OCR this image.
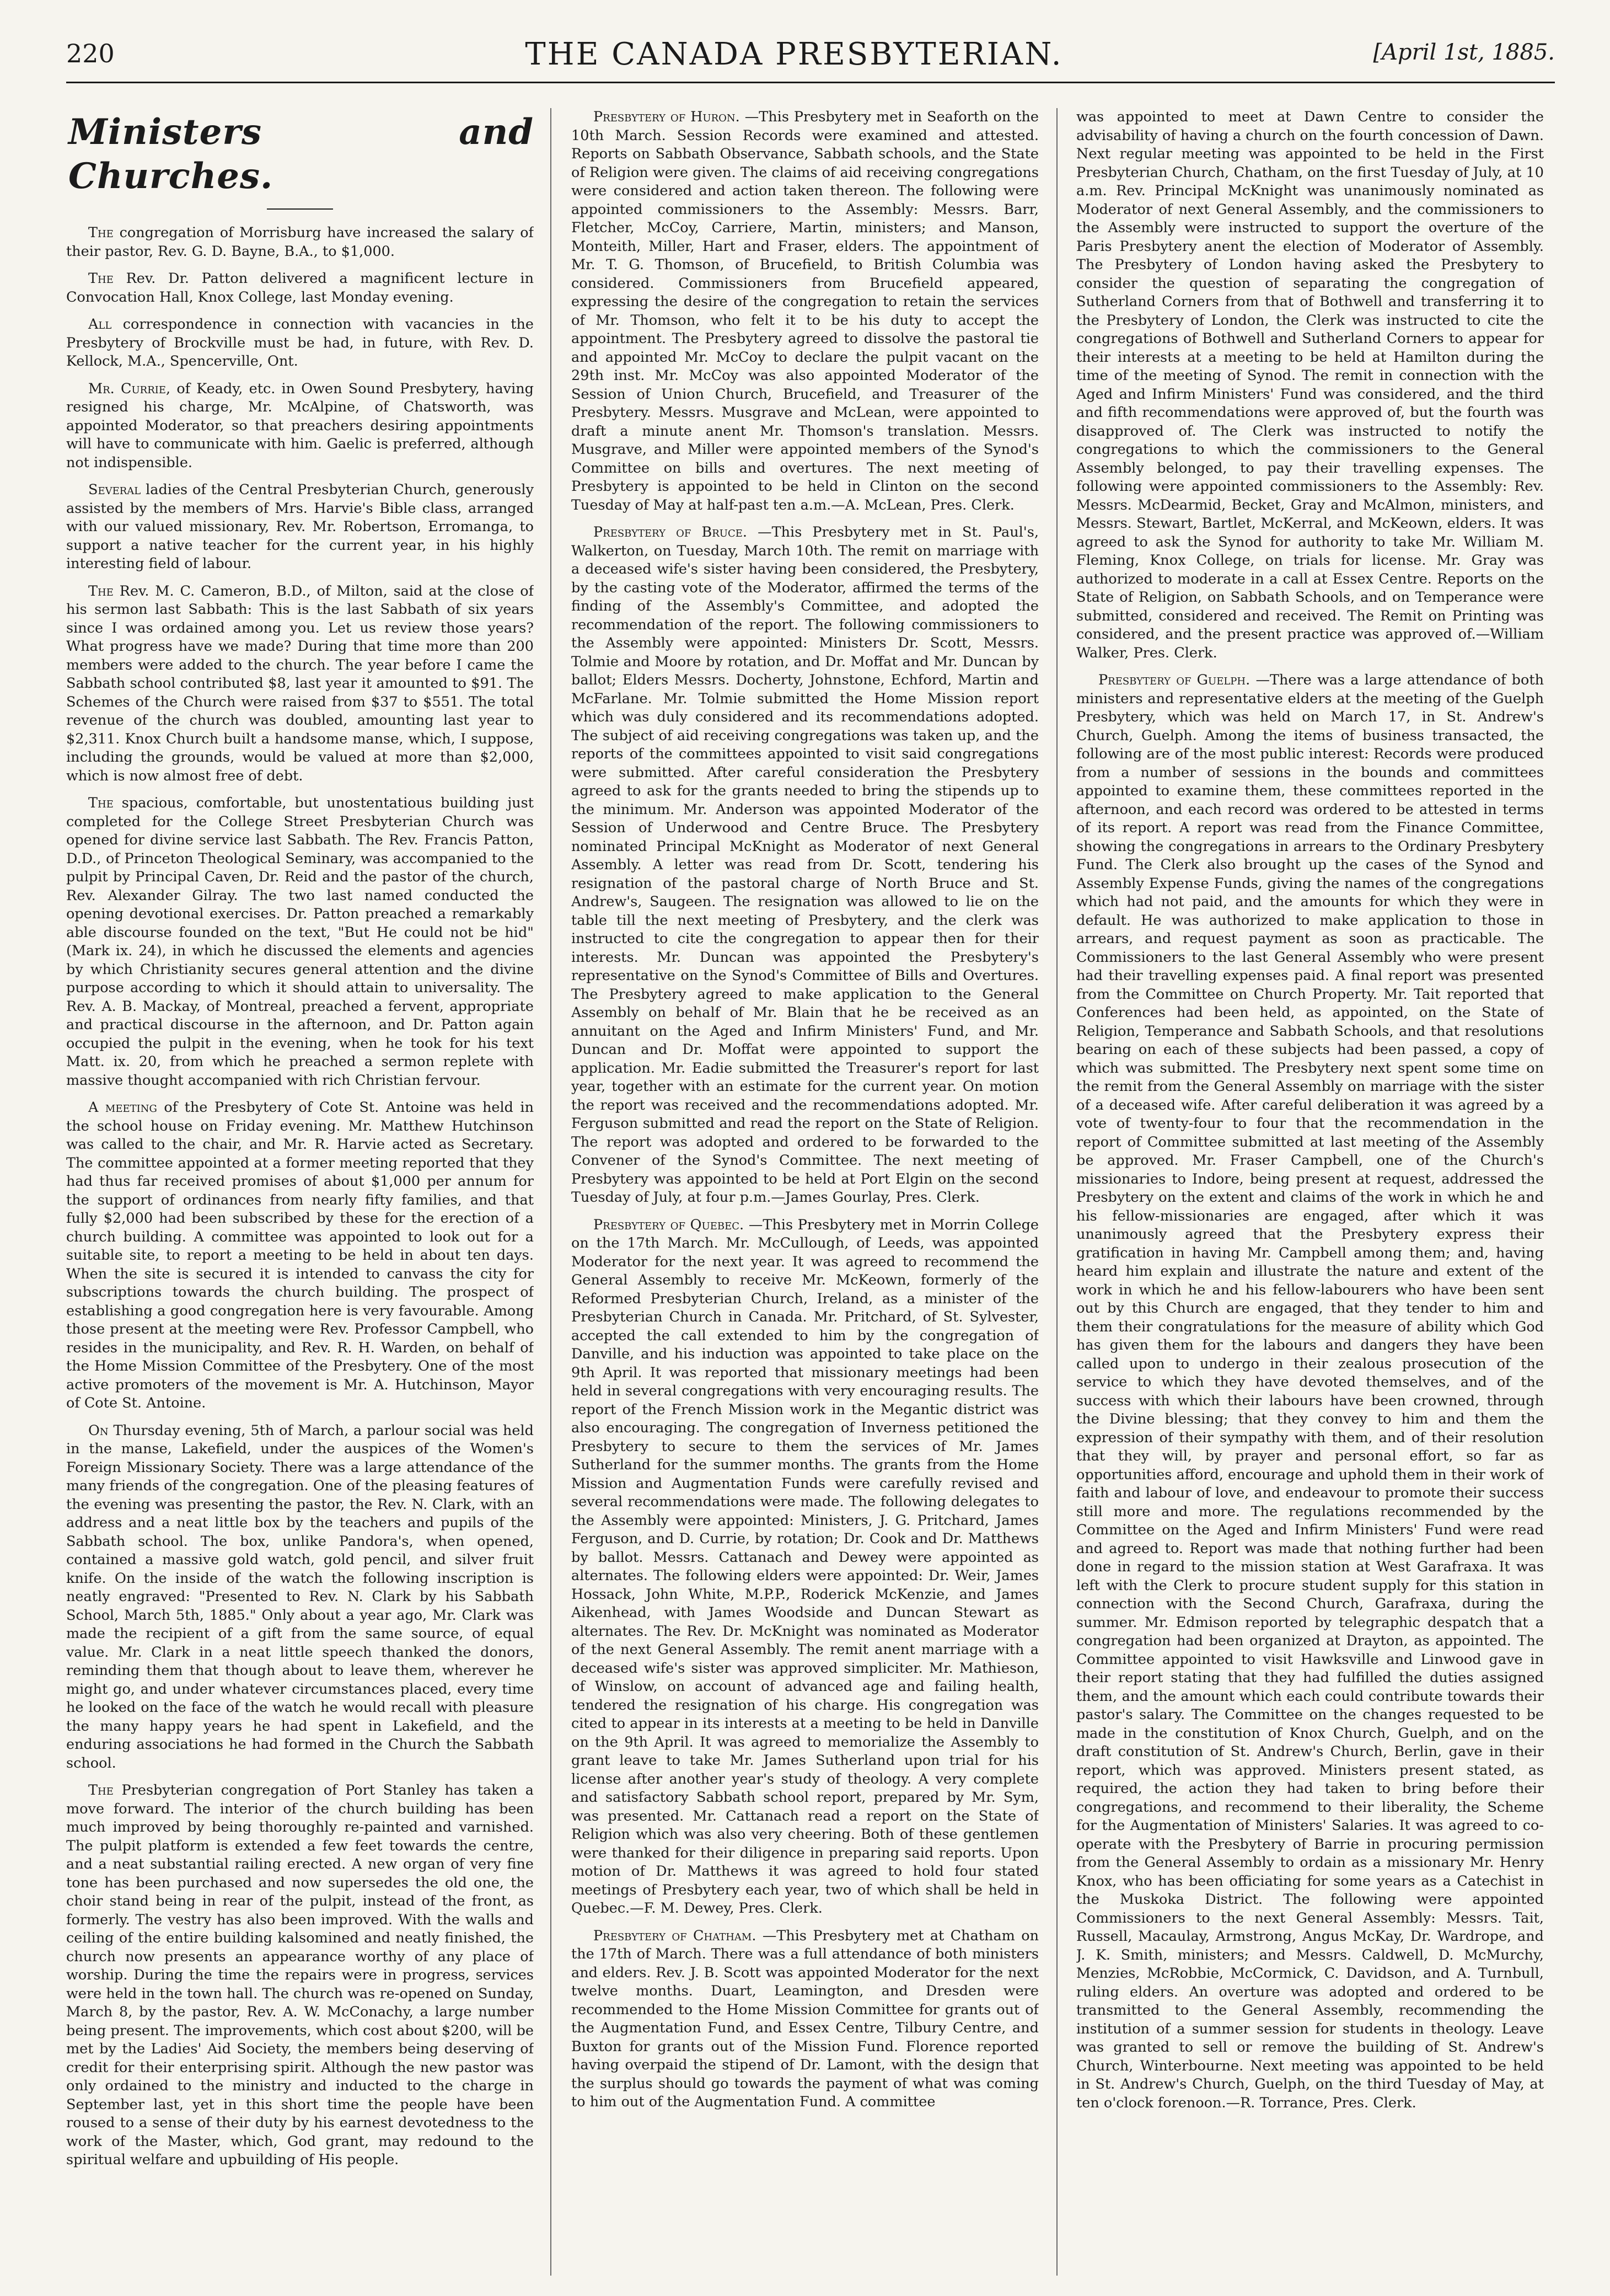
220	THE CANADA PRESBYTERIAN.	[April 1st, 1885.
Ministers and Churches.

The congregation of Morrisburg have increased the salary of their pastor, Rev. G. D. Bayne, B.A., to $1,000.

The Rev. Dr. Patton delivered a magnificent lecture in Convocation Hall, Knox College, last Monday evening.

All correspondence in connection with vacancies in the Presbytery of Brockville must be had, in future, with Rev. D. Kellock, M.A., Spencerville, Ont.

Mr. Currie, of Keady, etc. in Owen Sound Presbytery, having resigned his charge, Mr. McAlpine, of Chatsworth, was appointed Moderator, so that preachers desiring appointments will have to communicate with him. Gaelic is preferred, although not indispensible.

Several ladies of the Central Presbyterian Church, generously assisted by the members of Mrs. Harvie's Bible class, arranged with our valued missionary, Rev. Mr. Robertson, Erromanga, to support a native teacher for the current year, in his highly interesting field of labour.

The Rev. M. C. Cameron, B.D., of Milton, said at the close of his sermon last Sabbath: This is the last Sabbath of six years since I was ordained among you. Let us review those years? What progress have we made? During that time more than 200 members were added to the church. The year before I came the Sabbath school contributed $8, last year it amounted to $91. The Schemes of the Church were raised from $37 to $551. The total revenue of the church was doubled, amounting last year to $2,311. Knox Church built a handsome manse, which, I suppose, including the grounds, would be valued at more than $2,000, which is now almost free of debt.

The spacious, comfortable, but unostentatious building just completed for the College Street Presbyterian Church was opened for divine service last Sabbath. The Rev. Francis Patton, D.D., of Princeton Theological Seminary, was accompanied to the pulpit by Principal Caven, Dr. Reid and the pastor of the church, Rev. Alexander Gilray. The two last named conducted the opening devotional exercises. Dr. Patton preached a remarkably able discourse founded on the text, "But He could not be hid" (Mark ix. 24), in which he discussed the elements and agencies by which Christianity secures general attention and the divine purpose according to which it should attain to universality. The Rev. A. B. Mackay, of Montreal, preached a fervent, appropriate and practical discourse in the afternoon, and Dr. Patton again occupied the pulpit in the evening, when he took for his text Matt. ix. 20, from which he preached a sermon replete with massive thought accompanied with rich Christian fervour.

A meeting of the Presbytery of Cote St. Antoine was held in the school house on Friday evening. Mr. Matthew Hutchinson was called to the chair, and Mr. R. Harvie acted as Secretary. The committee appointed at a former meeting reported that they had thus far received promises of about $1,000 per annum for the support of ordinances from nearly fifty families, and that fully $2,000 had been subscribed by these for the erection of a church building. A committee was appointed to look out for a suitable site, to report a meeting to be held in about ten days. When the site is secured it is intended to canvass the city for subscriptions towards the church building. The prospect of establishing a good congregation here is very favourable. Among those present at the meeting were Rev. Professor Campbell, who resides in the municipality, and Rev. R. H. Warden, on behalf of the Home Mission Committee of the Presbytery. One of the most active promoters of the movement is Mr. A. Hutchinson, Mayor of Cote St. Antoine.

On Thursday evening, 5th of March, a parlour social was held in the manse, Lakefield, under the auspices of the Women's Foreign Missionary Society. There was a large attendance of the many friends of the congregation. One of the pleasing features of the evening was presenting the pastor, the Rev. N. Clark, with an address and a neat little box by the teachers and pupils of the Sabbath school. The box, unlike Pandora's, when opened, contained a massive gold watch, gold pencil, and silver fruit knife. On the inside of the watch the following inscription is neatly engraved: "Presented to Rev. N. Clark by his Sabbath School, March 5th, 1885." Only about a year ago, Mr. Clark was made the recipient of a gift from the same source, of equal value. Mr. Clark in a neat little speech thanked the donors, reminding them that though about to leave them, wherever he might go, and under whatever circumstances placed, every time he looked on the face of the watch he would recall with pleasure the many happy years he had spent in Lakefield, and the enduring associations he had formed in the Church the Sabbath school.

The Presbyterian congregation of Port Stanley has taken a move forward. The interior of the church building has been much improved by being thoroughly re-painted and varnished. The pulpit platform is extended a few feet towards the centre, and a neat substantial railing erected. A new organ of very fine tone has been purchased and now supersedes the old one, the choir stand being in rear of the pulpit, instead of the front, as formerly. The vestry has also been improved. With the walls and ceiling of the entire building kalsomined and neatly finished, the church now presents an appearance worthy of any place of worship. During the time the repairs were in progress, services were held in the town hall. The church was re-opened on Sunday, March 8, by the pastor, Rev. A. W. McConachy, a large number being present. The improvements, which cost about $200, will be met by the Ladies' Aid Society, the members being deserving of credit for their enterprising spirit. Although the new pastor was only ordained to the ministry and inducted to the charge in September last, yet in this short time the people have been roused to a sense of their duty by his earnest devotedness to the work of the Master, which, God grant, may redound to the spiritual welfare and upbuilding of His people.

Presbytery of Huron. —This Presbytery met in Seaforth on the 10th March. Session Records were examined and attested. Reports on Sabbath Observance, Sabbath schools, and the State of Religion were given. The claims of aid receiving congregations were considered and action taken thereon. The following were appointed commissioners to the Assembly: Messrs. Barr, Fletcher, McCoy, Carriere, Martin, ministers; and Manson, Monteith, Miller, Hart and Fraser, elders. The appointment of Mr. T. G. Thomson, of Brucefield, to British Columbia was considered. Commissioners from Brucefield appeared, expressing the desire of the congregation to retain the services of Mr. Thomson, who felt it to be his duty to accept the appointment. The Presbytery agreed to dissolve the pastoral tie and appointed Mr. McCoy to declare the pulpit vacant on the 29th inst. Mr. McCoy was also appointed Moderator of the Session of Union Church, Brucefield, and Treasurer of the Presbytery. Messrs. Musgrave and McLean, were appointed to draft a minute anent Mr. Thomson's translation. Messrs. Musgrave, and Miller were appointed members of the Synod's Committee on bills and overtures. The next meeting of Presbytery is appointed to be held in Clinton on the second Tuesday of May at half-past ten a.m.—A. McLean, Pres. Clerk.

Presbytery of Bruce. —This Presbytery met in St. Paul's, Walkerton, on Tuesday, March 10th. The remit on marriage with a deceased wife's sister having been considered, the Presbytery, by the casting vote of the Moderator, affirmed the terms of the finding of the Assembly's Committee, and adopted the recommendation of the report. The following commissioners to the Assembly were appointed: Ministers Dr. Scott, Messrs. Tolmie and Moore by rotation, and Dr. Moffat and Mr. Duncan by ballot; Elders Messrs. Docherty, Johnstone, Echford, Martin and McFarlane. Mr. Tolmie submitted the Home Mission report which was duly considered and its recommendations adopted. The subject of aid receiving congregations was taken up, and the reports of the committees appointed to visit said congregations were submitted. After careful consideration the Presbytery agreed to ask for the grants needed to bring the stipends up to the minimum. Mr. Anderson was appointed Moderator of the Session of Underwood and Centre Bruce. The Presbytery nominated Principal McKnight as Moderator of next General Assembly. A letter was read from Dr. Scott, tendering his resignation of the pastoral charge of North Bruce and St. Andrew's, Saugeen. The resignation was allowed to lie on the table till the next meeting of Presbytery, and the clerk was instructed to cite the congregation to appear then for their interests. Mr. Duncan was appointed the Presbytery's representative on the Synod's Committee of Bills and Overtures. The Presbytery agreed to make application to the General Assembly on behalf of Mr. Blain that he be received as an annuitant on the Aged and Infirm Ministers' Fund, and Mr. Duncan and Dr. Moffat were appointed to support the application. Mr. Eadie submitted the Treasurer's report for last year, together with an estimate for the current year. On motion the report was received and the recommendations adopted. Mr. Ferguson submitted and read the report on the State of Religion. The report was adopted and ordered to be forwarded to the Convener of the Synod's Committee. The next meeting of Presbytery was appointed to be held at Port Elgin on the second Tuesday of July, at four p.m.—James Gourlay, Pres. Clerk.

Presbytery of Quebec. —This Presbytery met in Morrin College on the 17th March. Mr. McCullough, of Leeds, was appointed Moderator for the next year. It was agreed to recommend the General Assembly to receive Mr. McKeown, formerly of the Reformed Presbyterian Church, Ireland, as a minister of the Presbyterian Church in Canada. Mr. Pritchard, of St. Sylvester, accepted the call extended to him by the congregation of Danville, and his induction was appointed to take place on the 9th April. It was reported that missionary meetings had been held in several congregations with very encouraging results. The report of the French Mission work in the Megantic district was also encouraging. The congregation of Inverness petitioned the Presbytery to secure to them the services of Mr. James Sutherland for the summer months. The grants from the Home Mission and Augmentation Funds were carefully revised and several recommendations were made. The following delegates to the Assembly were appointed: Ministers, J. G. Pritchard, James Ferguson, and D. Currie, by rotation; Dr. Cook and Dr. Matthews by ballot. Messrs. Cattanach and Dewey were appointed as alternates. The following elders were appointed: Dr. Weir, James Hossack, John White, M.P.P., Roderick McKenzie, and James Aikenhead, with James Woodside and Duncan Stewart as alternates. The Rev. Dr. McKnight was nominated as Moderator of the next General Assembly. The remit anent marriage with a deceased wife's sister was approved simpliciter. Mr. Mathieson, of Winslow, on account of advanced age and failing health, tendered the resignation of his charge. His congregation was cited to appear in its interests at a meeting to be held in Danville on the 9th April. It was agreed to memorialize the Assembly to grant leave to take Mr. James Sutherland upon trial for his license after another year's study of theology. A very complete and satisfactory Sabbath school report, prepared by Mr. Sym, was presented. Mr. Cattanach read a report on the State of Religion which was also very cheering. Both of these gentlemen were thanked for their diligence in preparing said reports. Upon motion of Dr. Matthews it was agreed to hold four stated meetings of Presbytery each year, two of which shall be held in Quebec.—F. M. Dewey, Pres. Clerk.

Presbytery of Chatham. —This Presbytery met at Chatham on the 17th of March. There was a full attendance of both ministers and elders. Rev. J. B. Scott was appointed Moderator for the next twelve months. Duart, Leamington, and Dresden were recommended to the Home Mission Committee for grants out of the Augmentation Fund, and Essex Centre, Tilbury Centre, and Buxton for grants out of the Mission Fund. Florence reported having overpaid the stipend of Dr. Lamont, with the design that the surplus should go towards the payment of what was coming to him out of the Augmentation Fund. A committee

was appointed to meet at Dawn Centre to consider the advisability of having a church on the fourth concession of Dawn. Next regular meeting was appointed to be held in the First Presbyterian Church, Chatham, on the first Tuesday of July, at 10 a.m. Rev. Principal McKnight was unanimously nominated as Moderator of next General Assembly, and the commissioners to the Assembly were instructed to support the overture of the Paris Presbytery anent the election of Moderator of Assembly. The Presbytery of London having asked the Presbytery to consider the question of separating the congregation of Sutherland Corners from that of Bothwell and transferring it to the Presbytery of London, the Clerk was instructed to cite the congregations of Bothwell and Sutherland Corners to appear for their interests at a meeting to be held at Hamilton during the time of the meeting of Synod. The remit in connection with the Aged and Infirm Ministers' Fund was considered, and the third and fifth recommendations were approved of, but the fourth was disapproved of. The Clerk was instructed to notify the congregations to which the commissioners to the General Assembly belonged, to pay their travelling expenses. The following were appointed commissioners to the Assembly: Rev. Messrs. McDearmid, Becket, Gray and McAlmon, ministers, and Messrs. Stewart, Bartlet, McKerral, and McKeown, elders. It was agreed to ask the Synod for authority to take Mr. William M. Fleming, Knox College, on trials for license. Mr. Gray was authorized to moderate in a call at Essex Centre. Reports on the State of Religion, on Sabbath Schools, and on Temperance were submitted, considered and received. The Remit on Printing was considered, and the present practice was approved of.—William Walker, Pres. Clerk.

Presbytery of Guelph. —There was a large attendance of both ministers and representative elders at the meeting of the Guelph Presbytery, which was held on March 17, in St. Andrew's Church, Guelph. Among the items of business transacted, the following are of the most public interest: Records were produced from a number of sessions in the bounds and committees appointed to examine them, these committees reported in the afternoon, and each record was ordered to be attested in terms of its report. A report was read from the Finance Committee, showing the congregations in arrears to the Ordinary Presbytery Fund. The Clerk also brought up the cases of the Synod and Assembly Expense Funds, giving the names of the congregations which had not paid, and the amounts for which they were in default. He was authorized to make application to those in arrears, and request payment as soon as practicable. The Commissioners to the last General Assembly who were present had their travelling expenses paid. A final report was presented from the Committee on Church Property. Mr. Tait reported that Conferences had been held, as appointed, on the State of Religion, Temperance and Sabbath Schools, and that resolutions bearing on each of these subjects had been passed, a copy of which was submitted. The Presbytery next spent some time on the remit from the General Assembly on marriage with the sister of a deceased wife. After careful deliberation it was agreed by a vote of twenty-four to four that the recommendation in the report of Committee submitted at last meeting of the Assembly be approved. Mr. Fraser Campbell, one of the Church's missionaries to Indore, being present at request, addressed the Presbytery on the extent and claims of the work in which he and his fellow-missionaries are engaged, after which it was unanimously agreed that the Presbytery express their gratification in having Mr. Campbell among them; and, having heard him explain and illustrate the nature and extent of the work in which he and his fellow-labourers who have been sent out by this Church are engaged, that they tender to him and them their congratulations for the measure of ability which God has given them for the labours and dangers they have been called upon to undergo in their zealous prosecution of the service to which they have devoted themselves, and of the success with which their labours have been crowned, through the Divine blessing; that they convey to him and them the expression of their sympathy with them, and of their resolution that they will, by prayer and personal effort, so far as opportunities afford, encourage and uphold them in their work of faith and labour of love, and endeavour to promote their success still more and more. The regulations recommended by the Committee on the Aged and Infirm Ministers' Fund were read and agreed to. Report was made that nothing further had been done in regard to the mission station at West Garafraxa. It was left with the Clerk to procure student supply for this station in connection with the Second Church, Garafraxa, during the summer. Mr. Edmison reported by telegraphic despatch that a congregation had been organized at Drayton, as appointed. The Committee appointed to visit Hawksville and Linwood gave in their report stating that they had fulfilled the duties assigned them, and the amount which each could contribute towards their pastor's salary. The Committee on the changes requested to be made in the constitution of Knox Church, Guelph, and on the draft constitution of St. Andrew's Church, Berlin, gave in their report, which was approved. Ministers present stated, as required, the action they had taken to bring before their congregations, and recommend to their liberality, the Scheme for the Augmentation of Ministers' Salaries. It was agreed to co-operate with the Presbytery of Barrie in procuring permission from the General Assembly to ordain as a missionary Mr. Henry Knox, who has been officiating for some years as a Catechist in the Muskoka District. The following were appointed Commissioners to the next General Assembly: Messrs. Tait, Russell, Macaulay, Armstrong, Angus McKay, Dr. Wardrope, and J. K. Smith, ministers; and Messrs. Caldwell, D. McMurchy, Menzies, McRobbie, McCormick, C. Davidson, and A. Turnbull, ruling elders. An overture was adopted and ordered to be transmitted to the General Assembly, recommending the institution of a summer session for students in theology. Leave was granted to sell or remove the building of St. Andrew's Church, Winterbourne. Next meeting was appointed to be held in St. Andrew's Church, Guelph, on the third Tuesday of May, at ten o'clock forenoon.—R. Torrance, Pres. Clerk.
